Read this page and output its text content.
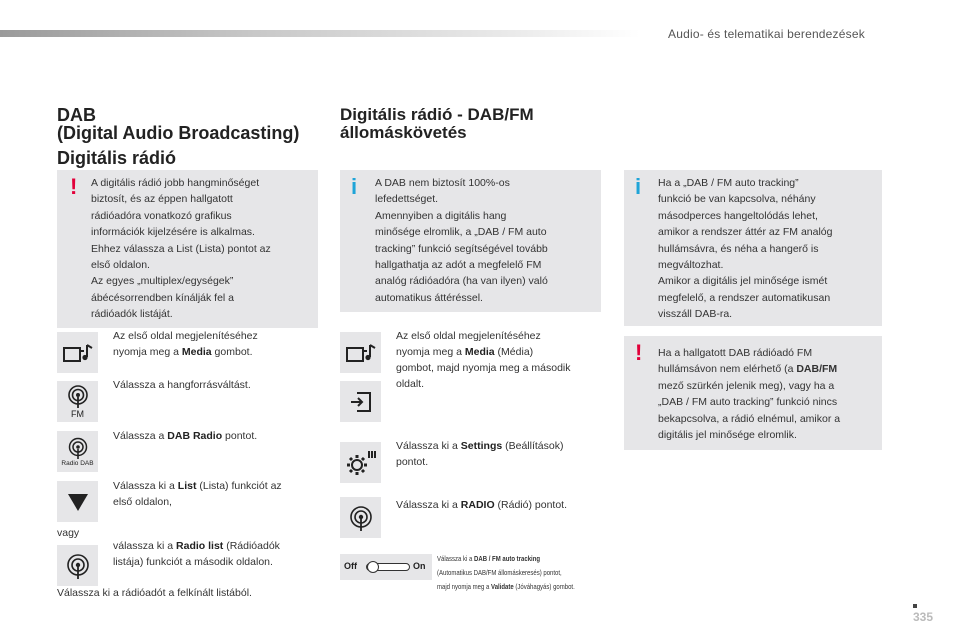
Audio- és telematikai berendezések
DAB
(Digital Audio Broadcasting)
Digitális rádió
! A digitális rádió jobb hangminőséget
biztosít, és az éppen hallgatott
rádióadóra vonatkozó grafikus
információk kijelzésére is alkalmas.
Ehhez válassza a List (Lista) pontot az
első oldalon.
Az egyes „multiplex/egységek”
ábécésorrendben kínálják fel a
rádióadók listáját.
Az első oldal megjelenítéséhez
nyomja meg a Media gombot.
FM
Válassza a hangforrásváltást.
Radio DAB
Válassza a DAB Radio pontot.
Válassza ki a List (Lista) funkciót az
első oldalon,
vagy
válassza ki a Radio list (Rádióadók
listája) funkciót a második oldalon.
Válassza ki a rádióadót a felkínált listából.
Digitális rádió - DAB/FM
állomáskövetés
i A DAB nem biztosít 100%-os
lefedettséget.
Amennyiben a digitális hang
minősége elromlik, a „DAB / FM auto
tracking” funkció segítségével tovább
hallgathatja az adót a megfelelő FM
analóg rádióadóra (ha van ilyen) való
automatikus áttéréssel.
Az első oldal megjelenítéséhez
nyomja meg a Media (Média)
gombot, majd nyomja meg a második
oldalt.
Válassza ki a Settings (Beállítások)
pontot.
Válassza ki a RADIO (Rádió) pontot.
Off	On
Válassza ki a DAB / FM auto tracking
(Automatikus DAB/FM állomáskeresés) pontot,
majd nyomja meg a Validate (Jóváhagyás) gombot.
i Ha a „DAB / FM auto tracking”
funkció be van kapcsolva, néhány
másodperces hangeltolódás lehet,
amikor a rendszer áttér az FM analóg
hullámsávra, és néha a hangerő is
megváltozhat.
Amikor a digitális jel minősége ismét
megfelelő, a rendszer automatikusan
visszáll DAB-ra.
! Ha a hallgatott DAB rádióadó FM
hullámsávon nem elérhető (a DAB/FM
mező szürkén jelenik meg), vagy ha a
„DAB / FM auto tracking” funkció nincs
bekapcsolva, a rádió elnémul, amikor a
digitális jel minősége elromlik.
335
